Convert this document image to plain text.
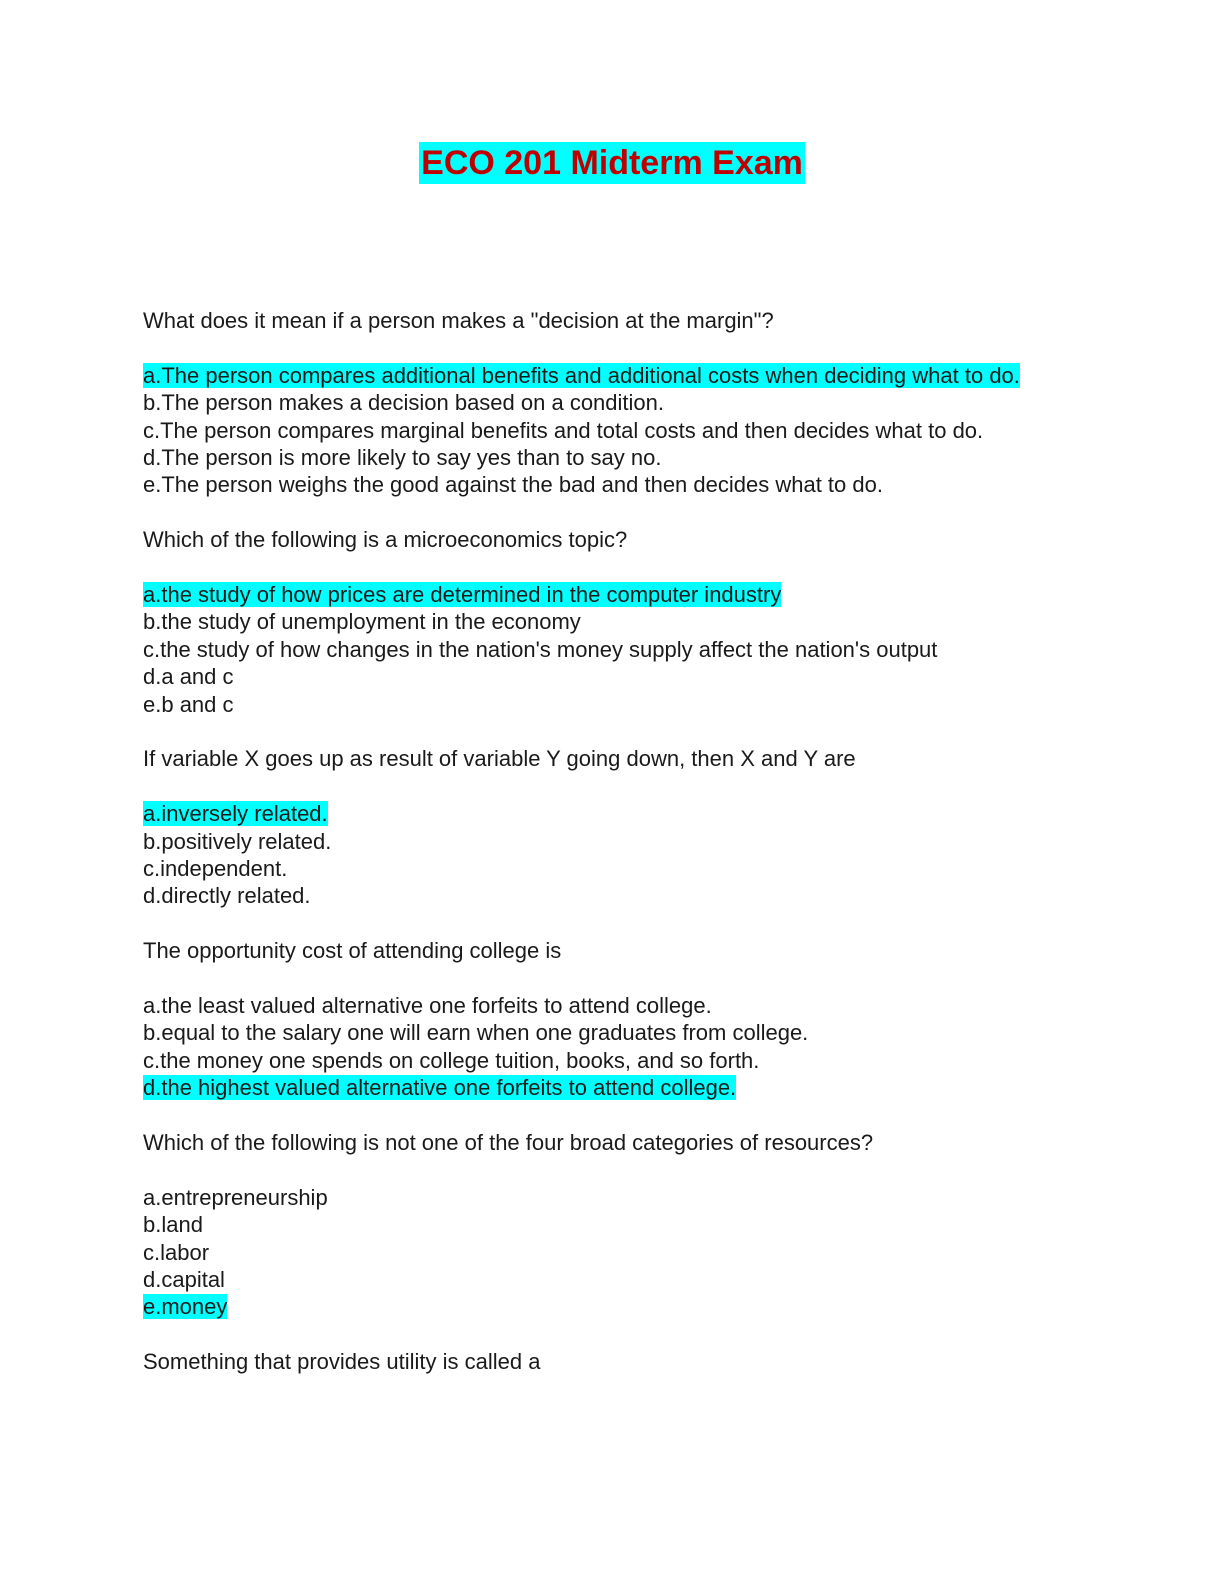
ECO 201 Midterm Exam
What does it mean if a person makes a "decision at the margin"?
a.The person compares additional benefits and additional costs when deciding what to do.
b.The person makes a decision based on a condition.
c.The person compares marginal benefits and total costs and then decides what to do.
d.The person is more likely to say yes than to say no.
e.The person weighs the good against the bad and then decides what to do.
Which of the following is a microeconomics topic?
a.the study of how prices are determined in the computer industry
b.the study of unemployment in the economy
c.the study of how changes in the nation's money supply affect the nation's output
d.a and c
e.b and c
If variable X goes up as result of variable Y going down, then X and Y are
a.inversely related.
b.positively related.
c.independent.
d.directly related.
The opportunity cost of attending college is
a.the least valued alternative one forfeits to attend college.
b.equal to the salary one will earn when one graduates from college.
c.the money one spends on college tuition, books, and so forth.
d.the highest valued alternative one forfeits to attend college.
Which of the following is not one of the four broad categories of resources?
a.entrepreneurship
b.land
c.labor
d.capital
e.money
Something that provides utility is called a
